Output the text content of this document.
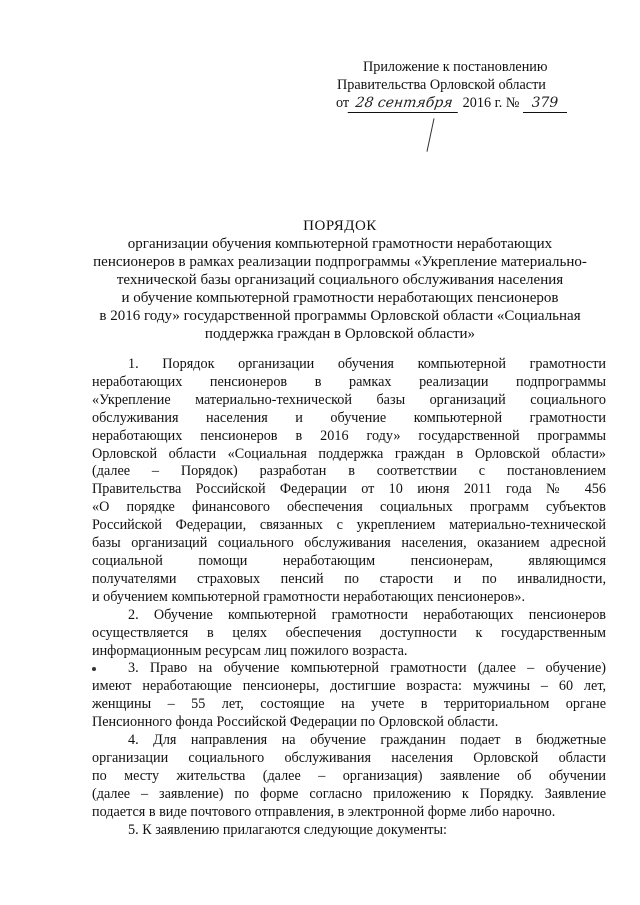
Приложение к постановлению
Правительства Орловской области
от 28 сентября 2016 г. № 379
ПОРЯДОК
организации обучения компьютерной грамотности неработающих
пенсионеров в рамках реализации подпрограммы «Укрепление материально-
технической базы организаций социального обслуживания населения
и обучение компьютерной грамотности неработающих пенсионеров
в 2016 году» государственной программы Орловской области «Социальная
поддержка граждан в Орловской области»
1. Порядок организации обучения компьютерной грамотности
неработающих пенсионеров в рамках реализации подпрограммы
«Укрепление материально-технической базы организаций социального
обслуживания населения и обучение компьютерной грамотности
неработающих пенсионеров в 2016 году» государственной программы
Орловской области «Социальная поддержка граждан в Орловской области»
(далее – Порядок) разработан в соответствии с постановлением
Правительства Российской Федерации от 10 июня 2011 года № 456
«О порядке финансового обеспечения социальных программ субъектов
Российской Федерации, связанных с укреплением материально-технической
базы организаций социального обслуживания населения, оказанием адресной
социальной помощи неработающим пенсионерам, являющимся
получателями страховых пенсий по старости и по инвалидности,
и обучением компьютерной грамотности неработающих пенсионеров».
2. Обучение компьютерной грамотности неработающих пенсионеров
осуществляется в целях обеспечения доступности к государственным
информационным ресурсам лиц пожилого возраста.
3. Право на обучение компьютерной грамотности (далее – обучение)
имеют неработающие пенсионеры, достигшие возраста: мужчины – 60 лет,
женщины – 55 лет, состоящие на учете в территориальном органе
Пенсионного фонда Российской Федерации по Орловской области.
4. Для направления на обучение гражданин подает в бюджетные
организации социального обслуживания населения Орловской области
по месту жительства (далее – организация) заявление об обучении
(далее – заявление) по форме согласно приложению к Порядку. Заявление
подается в виде почтового отправления, в электронной форме либо нарочно.
5. К заявлению прилагаются следующие документы:
